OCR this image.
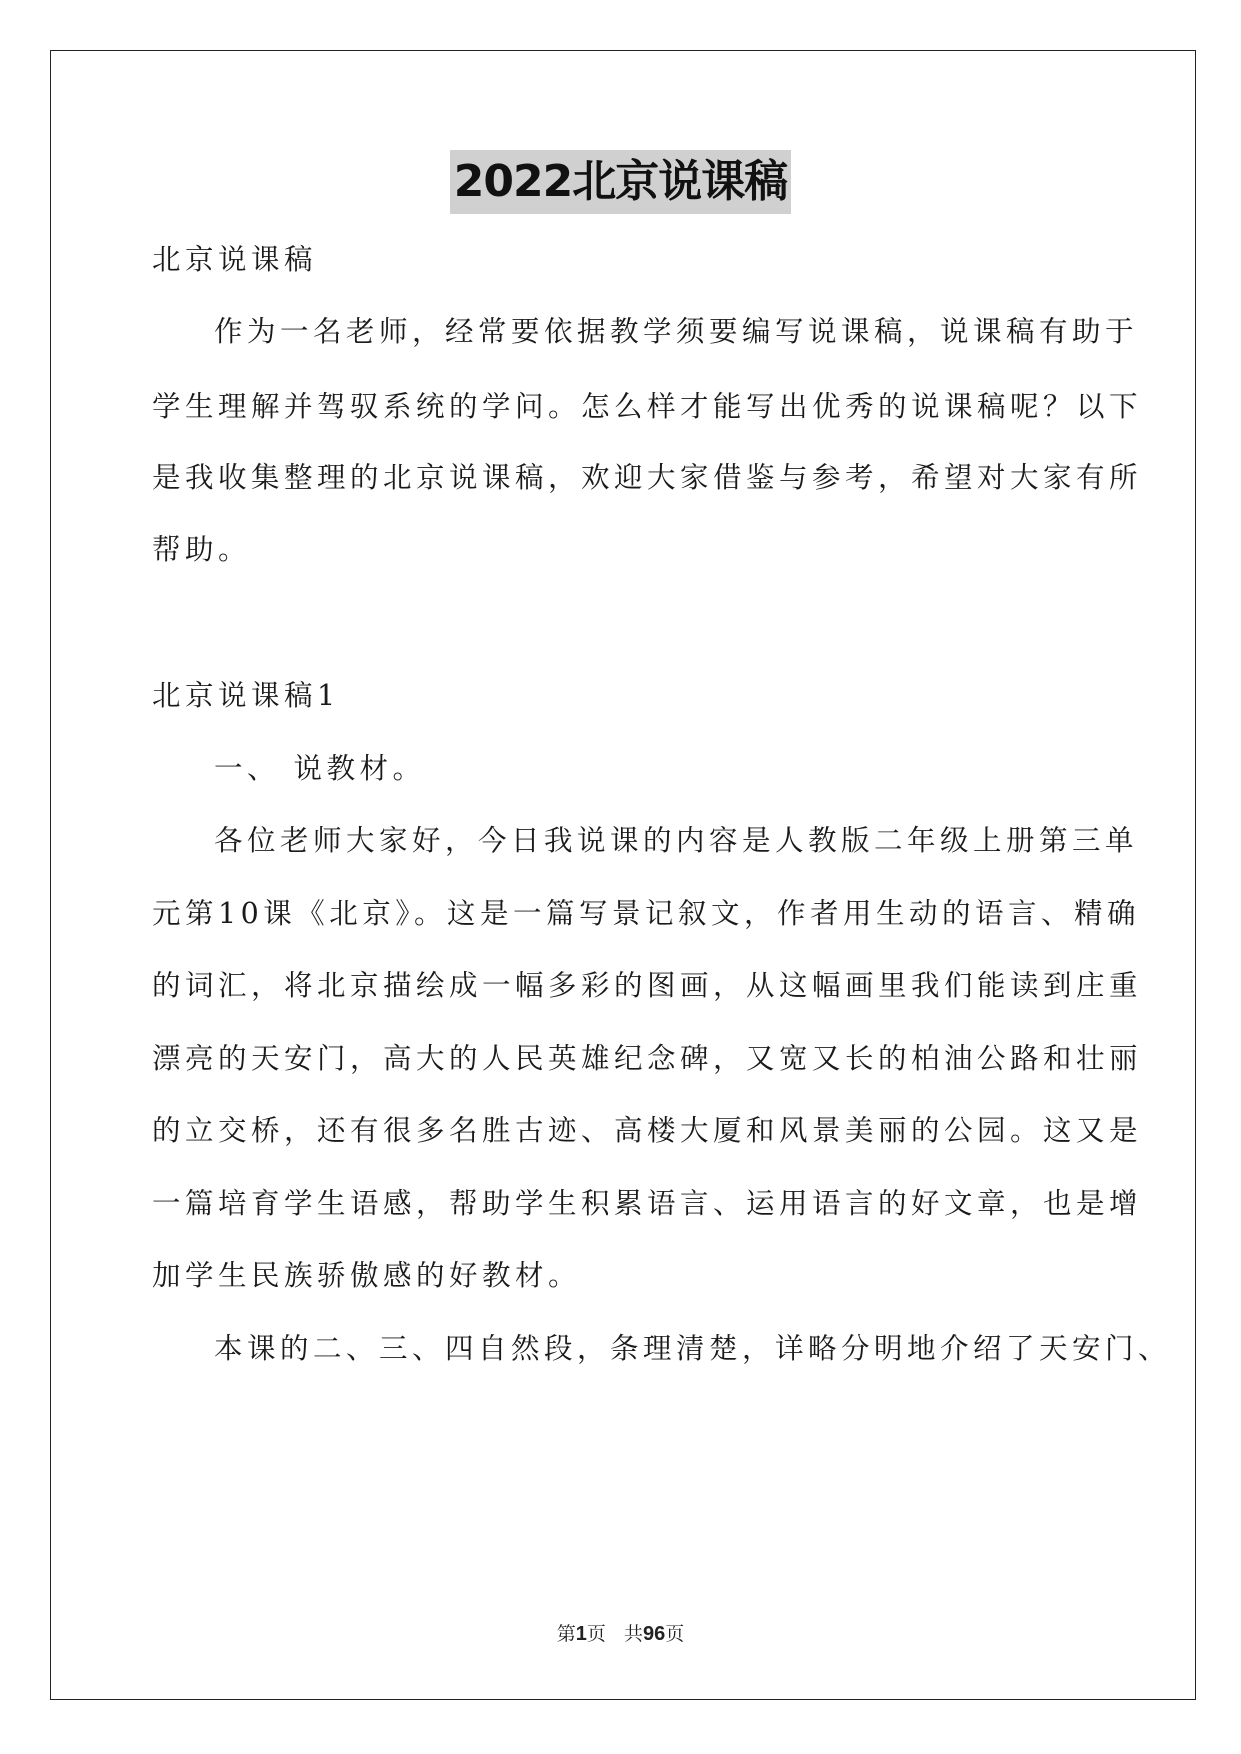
2022北京说课稿
北京说课稿
作为一名老师，经常要依据教学须要编写说课稿，说课稿有助于
学生理解并驾驭系统的学问。怎么样才能写出优秀的说课稿呢？以下
是我收集整理的北京说课稿，欢迎大家借鉴与参考，希望对大家有所
帮助。
北京说课稿1
一、 说教材。
各位老师大家好，今日我说课的内容是人教版二年级上册第三单
元第10课《北京》。这是一篇写景记叙文，作者用生动的语言、精确
的词汇，将北京描绘成一幅多彩的图画，从这幅画里我们能读到庄重
漂亮的天安门，高大的人民英雄纪念碑，又宽又长的柏油公路和壮丽
的立交桥，还有很多名胜古迹、高楼大厦和风景美丽的公园。这又是
一篇培育学生语感，帮助学生积累语言、运用语言的好文章，也是增
加学生民族骄傲感的好教材。
本课的二、三、四自然段，条理清楚，详略分明地介绍了天安门、
第1页 共96页
